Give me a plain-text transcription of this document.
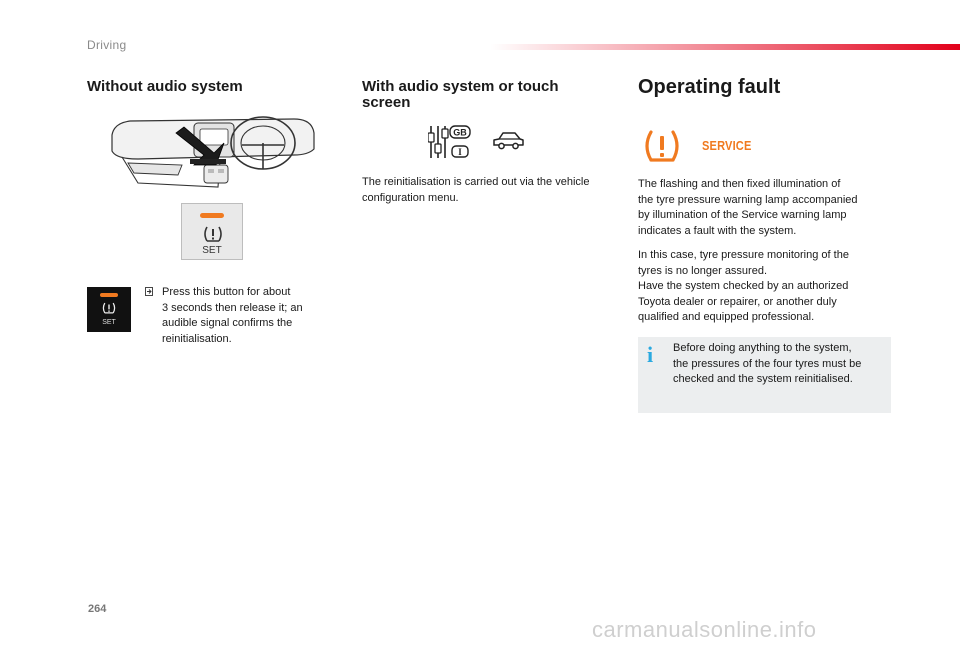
Driving
Without audio system
SET
SET
Press this button for about
3 seconds then release it; an
audible signal confirms the
reinitialisation.
With audio system or touch
screen
GB
I
The reinitialisation is carried out via the vehicle
configuration menu.
Operating fault
SERVICE
The flashing and then fixed illumination of
the tyre pressure warning lamp accompanied
by illumination of the Service warning lamp
indicates a fault with the system.
In this case, tyre pressure monitoring of the
tyres is no longer assured.
Have the system checked by an authorized
Toyota dealer or repairer, or another duly
qualified and equipped professional.
i Before doing anything to the system,
the pressures of the four tyres must be
checked and the system reinitialised.
264
carmanualsonline.info
